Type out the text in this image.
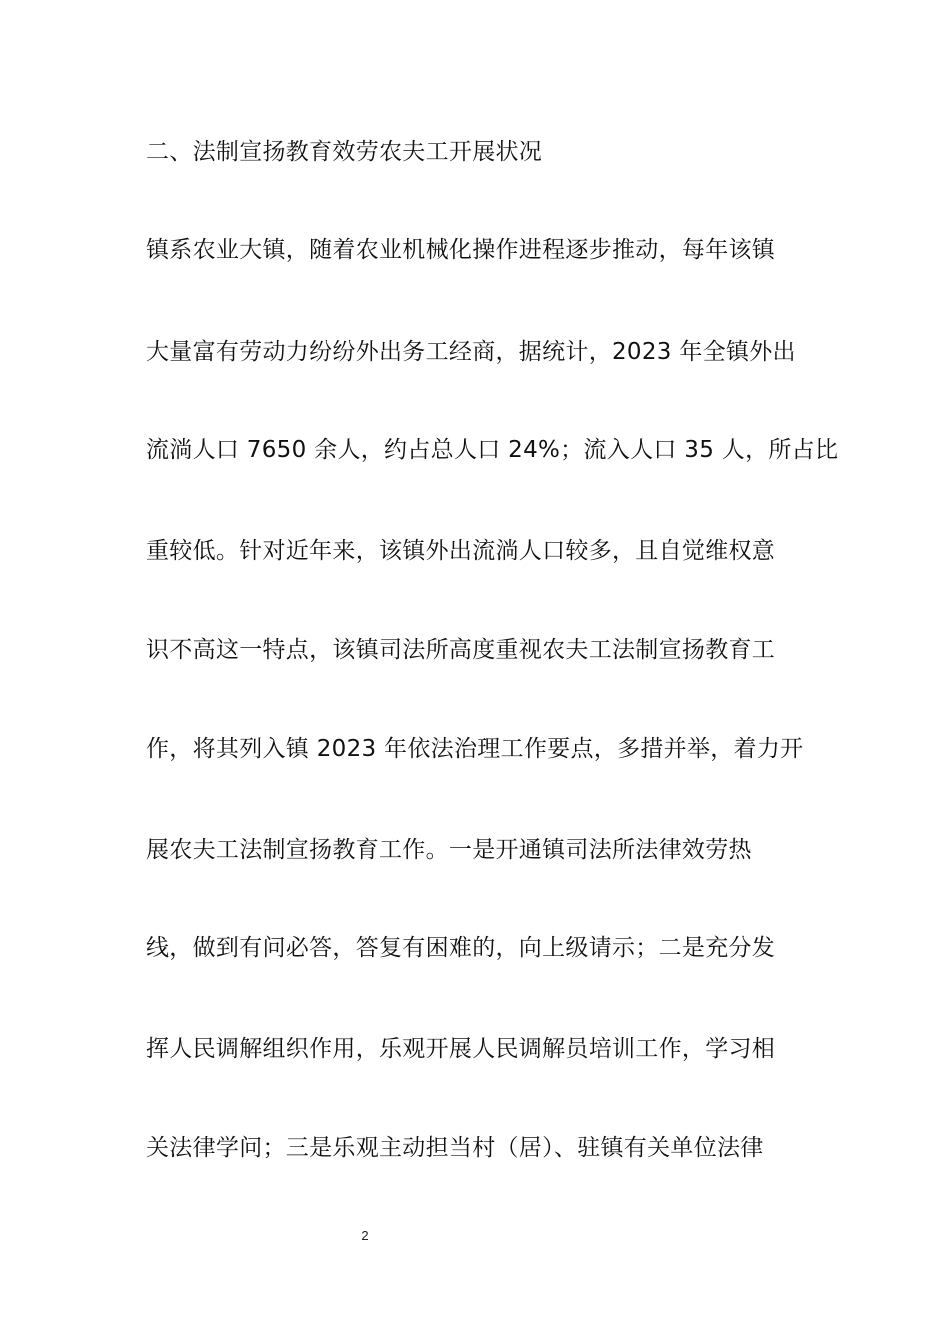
二、法制宣扬教育效劳农夫工开展状况
镇系农业大镇，随着农业机械化操作进程逐步推动，每年该镇
大量富有劳动力纷纷外出务工经商，据统计，2023 年全镇外出
流淌人口 7650 余人，约占总人口 24%；流入人口 35 人，所占比
重较低。针对近年来，该镇外出流淌人口较多，且自觉维权意
识不高这一特点，该镇司法所高度重视农夫工法制宣扬教育工
作，将其列入镇 2023 年依法治理工作要点，多措并举，着力开
展农夫工法制宣扬教育工作。一是开通镇司法所法律效劳热
线，做到有问必答，答复有困难的，向上级请示；二是充分发
挥人民调解组织作用，乐观开展人民调解员培训工作，学习相
关法律学问；三是乐观主动担当村（居）、驻镇有关单位法律
2
